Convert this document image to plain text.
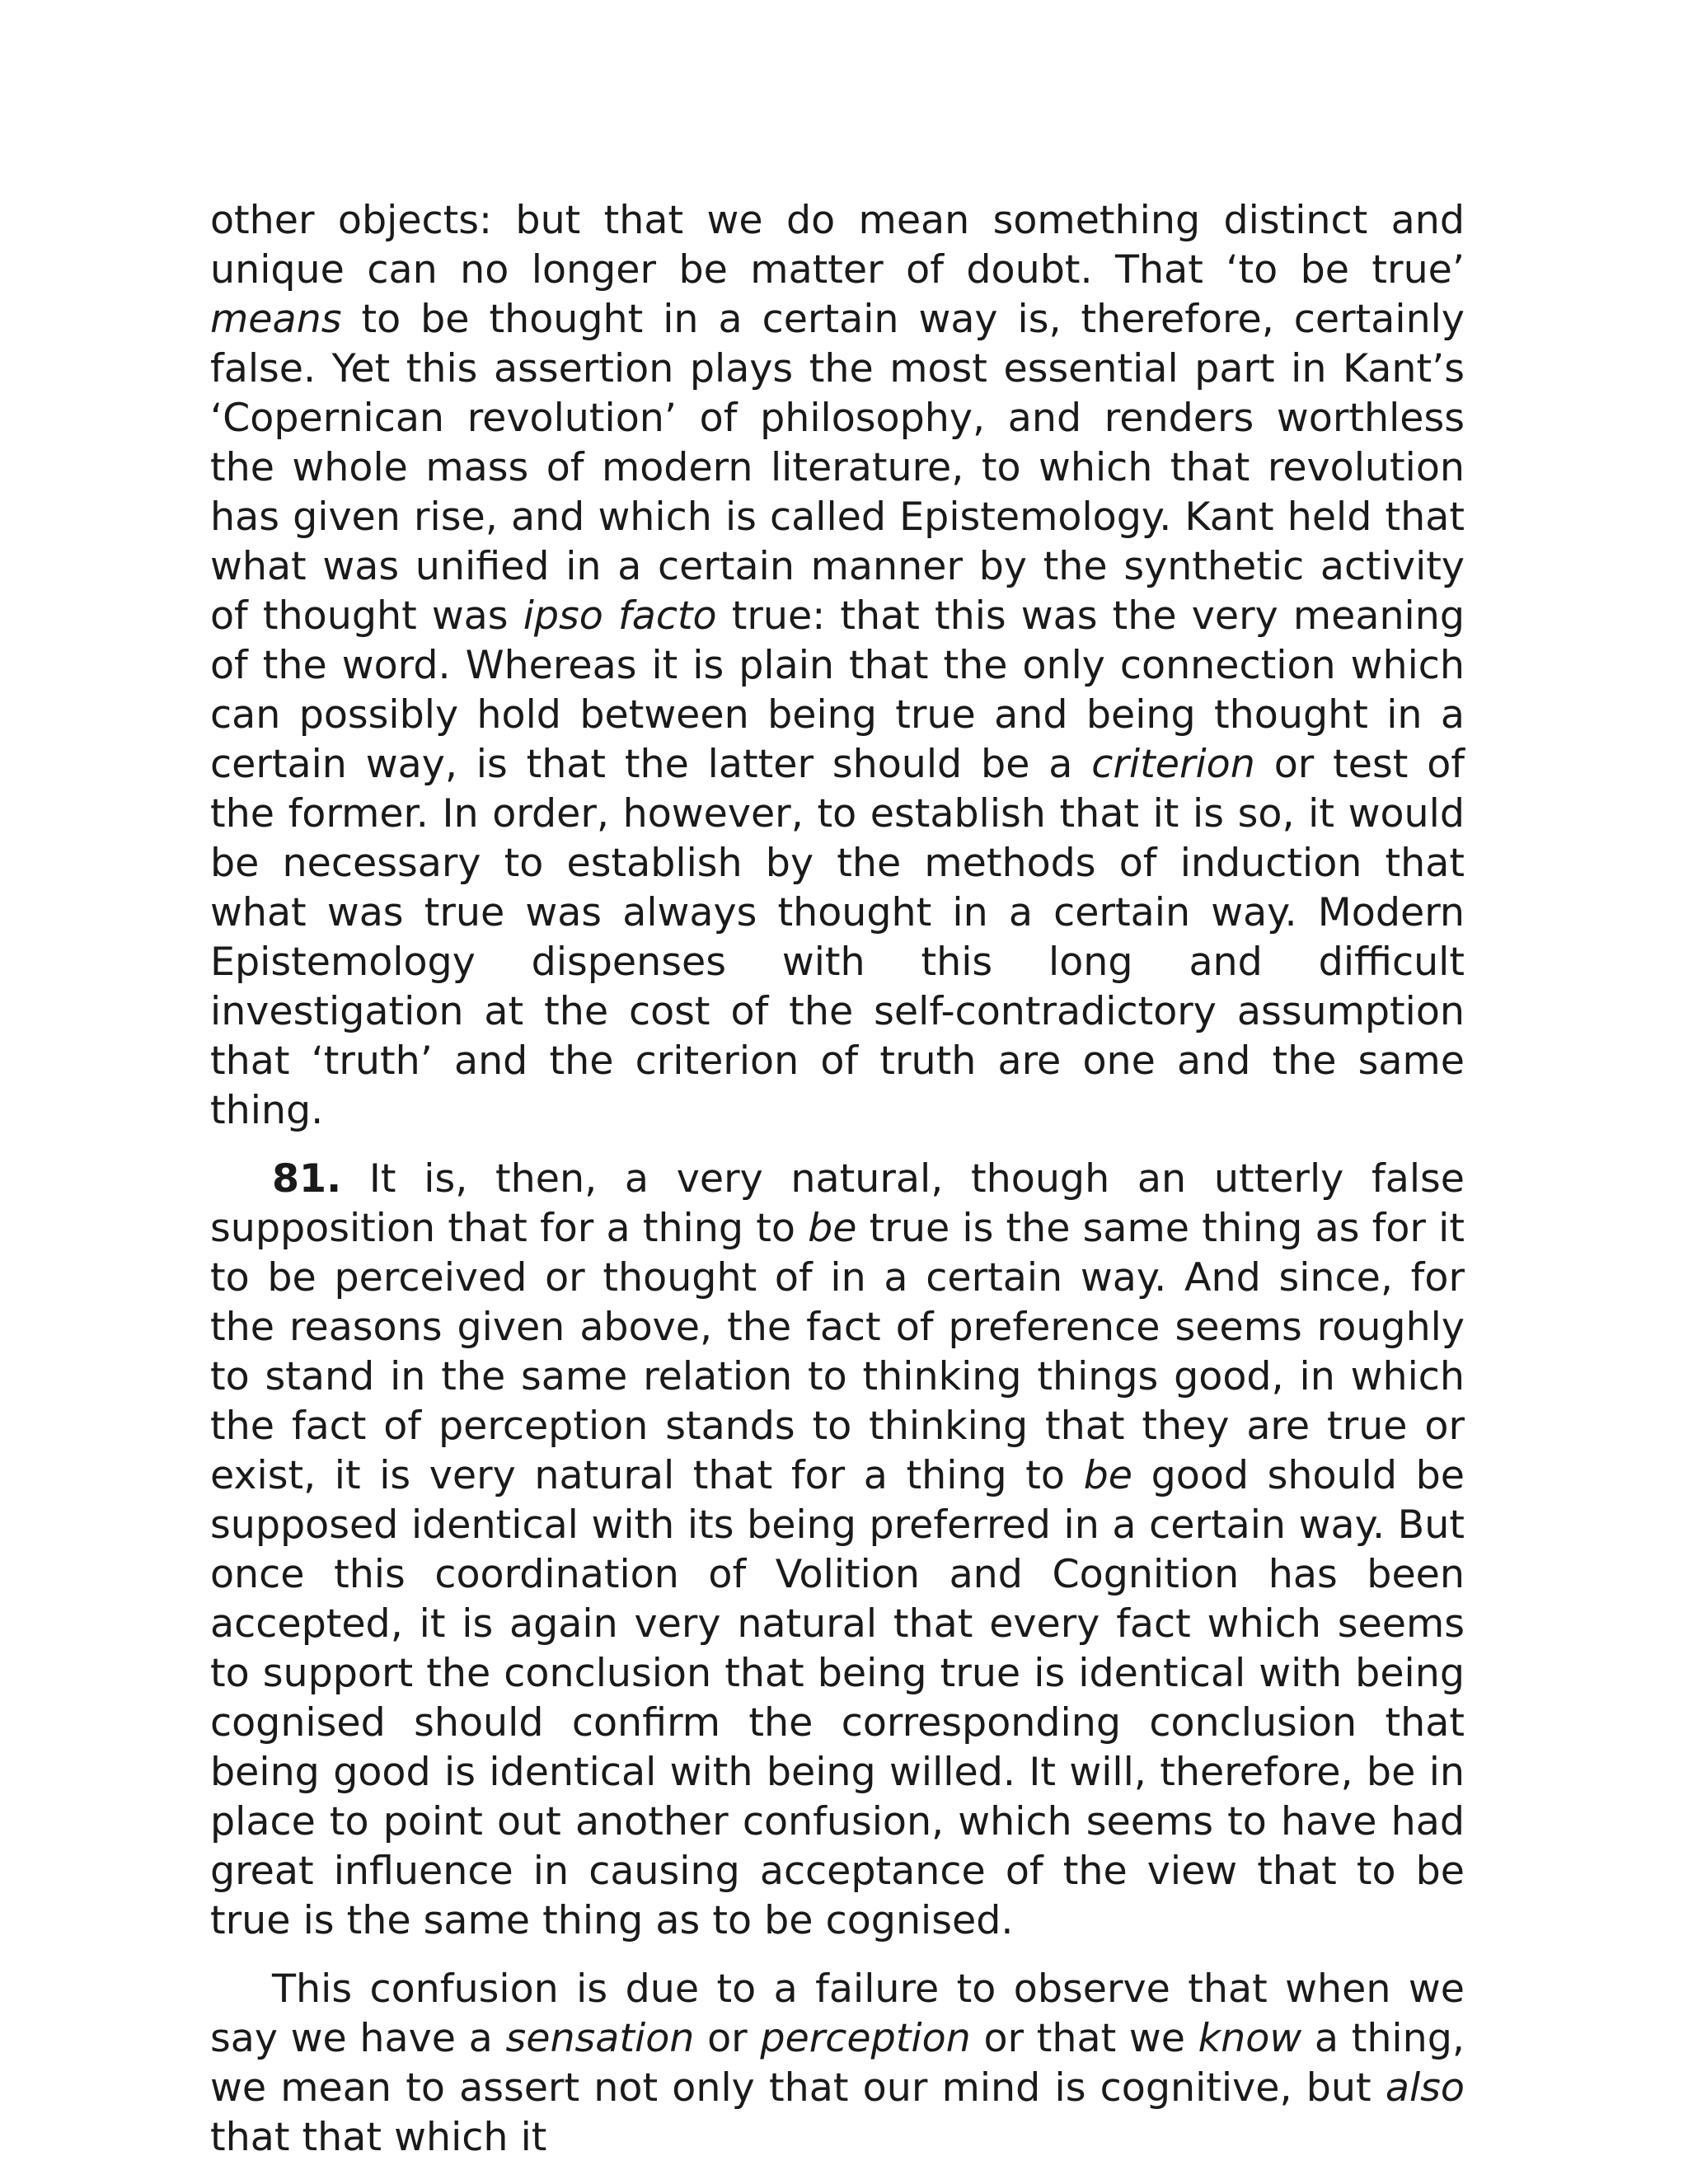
other objects: but that we do mean something distinct and unique can no longer be matter of doubt. That ‘to be true’ means to be thought in a certain way is, therefore, certainly false. Yet this assertion plays the most essential part in Kant’s ‘Copernican revolution’ of philosophy, and renders worthless the whole mass of modern literature, to which that revolution has given rise, and which is called Epistemology. Kant held that what was unified in a certain manner by the synthetic activity of thought was ipso facto true: that this was the very meaning of the word. Whereas it is plain that the only connection which can possibly hold between being true and being thought in a certain way, is that the latter should be a criterion or test of the former. In order, however, to establish that it is so, it would be necessary to establish by the methods of induction that what was true was always thought in a certain way. Modern Epistemology dispenses with this long and difficult investigation at the cost of the self-contradictory assumption that ‘truth’ and the criterion of truth are one and the same thing.

81. It is, then, a very natural, though an utterly false supposition that for a thing to be true is the same thing as for it to be perceived or thought of in a certain way. And since, for the reasons given above, the fact of preference seems roughly to stand in the same relation to thinking things good, in which the fact of perception stands to thinking that they are true or exist, it is very natural that for a thing to be good should be supposed identical with its being preferred in a certain way. But once this coordination of Volition and Cognition has been accepted, it is again very natural that every fact which seems to support the conclusion that being true is identical with being cognised should confirm the corresponding conclusion that being good is identical with being willed. It will, therefore, be in place to point out another confusion, which seems to have had great influence in causing acceptance of the view that to be true is the same thing as to be cognised.

This confusion is due to a failure to observe that when we say we have a sensation or perception or that we know a thing, we mean to assert not only that our mind is cognitive, but also that that which it
